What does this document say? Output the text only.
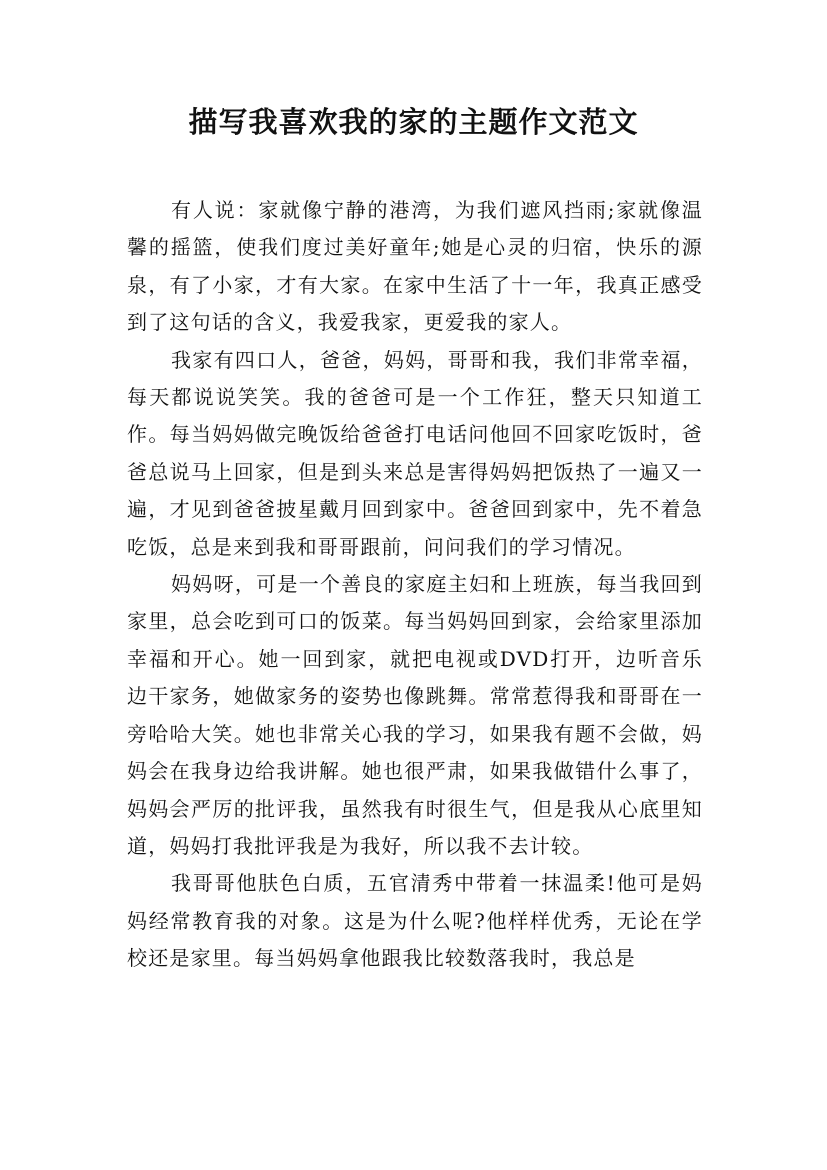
描写我喜欢我的家的主题作文范文

有人说：家就像宁静的港湾，为我们遮风挡雨;家就像温馨的摇篮，使我们度过美好童年;她是心灵的归宿，快乐的源泉，有了小家，才有大家。在家中生活了十一年，我真正感受到了这句话的含义，我爱我家，更爱我的家人。

我家有四口人，爸爸，妈妈，哥哥和我，我们非常幸福，每天都说说笑笑。我的爸爸可是一个工作狂，整天只知道工作。每当妈妈做完晚饭给爸爸打电话问他回不回家吃饭时，爸爸总说马上回家，但是到头来总是害得妈妈把饭热了一遍又一遍，才见到爸爸披星戴月回到家中。爸爸回到家中，先不着急吃饭，总是来到我和哥哥跟前，问问我们的学习情况。

妈妈呀，可是一个善良的家庭主妇和上班族，每当我回到家里，总会吃到可口的饭菜。每当妈妈回到家，会给家里添加幸福和开心。她一回到家，就把电视或DVD打开，边听音乐边干家务，她做家务的姿势也像跳舞。常常惹得我和哥哥在一旁哈哈大笑。她也非常关心我的学习，如果我有题不会做，妈妈会在我身边给我讲解。她也很严肃，如果我做错什么事了，妈妈会严厉的批评我，虽然我有时很生气，但是我从心底里知道，妈妈打我批评我是为我好，所以我不去计较。

我哥哥他肤色白质，五官清秀中带着一抹温柔!他可是妈妈经常教育我的对象。这是为什么呢?他样样优秀，无论在学校还是家里。每当妈妈拿他跟我比较数落我时，我总是
